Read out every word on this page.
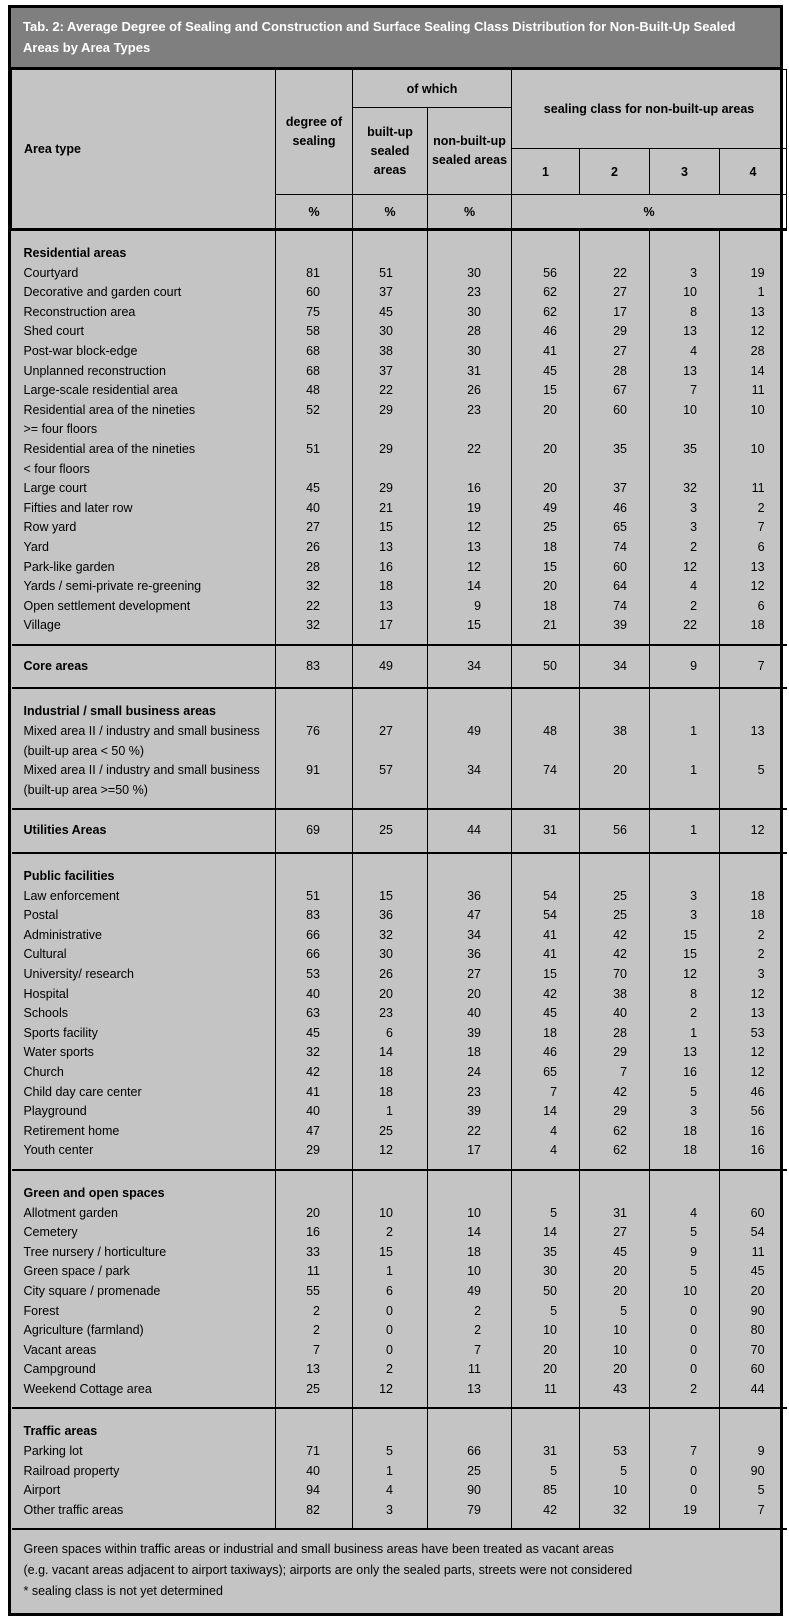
Tab. 2: Average Degree of Sealing and Construction and Surface Sealing Class Distribution for Non-Built-Up Sealed Areas by Area Types
Area type	degree of sealing	of which		sealing class for non-built-up areas			
		built-up sealed areas	non-built-up sealed areas				
				1	2	3	4
	%	%	%	%			
Residential areas							
Courtyard	81	51	30	56	22	3	19
Decorative and garden court	60	37	23	62	27	10	1
Reconstruction area	75	45	30	62	17	8	13
Shed court	58	30	28	46	29	13	12
Post-war block-edge	68	38	30	41	27	4	28
Unplanned reconstruction	68	37	31	45	28	13	14
Large-scale residential area	48	22	26	15	67	7	11
Residential area of the nineties	52	29	23	20	60	10	10
>= four floors							
Residential area of the nineties	51	29	22	20	35	35	10
< four floors							
Large court	45	29	16	20	37	32	11
Fifties and later row	40	21	19	49	46	3	2
Row yard	27	15	12	25	65	3	7
Yard	26	13	13	18	74	2	6
Park-like garden	28	16	12	15	60	12	13
Yards / semi-private re-greening	32	18	14	20	64	4	12
Open settlement development	22	13	9	18	74	2	6
Village	32	17	15	21	39	22	18
Core areas	83	49	34	50	34	9	7
Industrial / small business areas							
Mixed area II / industry and small business	76	27	49	48	38	1	13
(built-up area < 50 %)							
Mixed area II / industry and small business	91	57	34	74	20	1	5
(built-up area >=50 %)							
Utilities Areas	69	25	44	31	56	1	12
Public facilities							
Law enforcement	51	15	36	54	25	3	18
Postal	83	36	47	54	25	3	18
Administrative	66	32	34	41	42	15	2
Cultural	66	30	36	41	42	15	2
University/ research	53	26	27	15	70	12	3
Hospital	40	20	20	42	38	8	12
Schools	63	23	40	45	40	2	13
Sports facility	45	6	39	18	28	1	53
Water sports	32	14	18	46	29	13	12
Church	42	18	24	65	7	16	12
Child day care center	41	18	23	7	42	5	46
Playground	40	1	39	14	29	3	56
Retirement home	47	25	22	4	62	18	16
Youth center	29	12	17	4	62	18	16
Green and open spaces							
Allotment garden	20	10	10	5	31	4	60
Cemetery	16	2	14	14	27	5	54
Tree nursery / horticulture	33	15	18	35	45	9	11
Green space / park	11	1	10	30	20	5	45
City square / promenade	55	6	49	50	20	10	20
Forest	2	0	2	5	5	0	90
Agriculture (farmland)	2	0	2	10	10	0	80
Vacant areas	7	0	7	20	10	0	70
Campground	13	2	11	20	20	0	60
Weekend Cottage area	25	12	13	11	43	2	44
Traffic areas							
Parking lot	71	5	66	31	53	7	9
Railroad property	40	1	25	5	5	0	90
Airport	94	4	90	85	10	0	5
Other traffic areas	82	3	79	42	32	19	7

Green spaces within traffic areas or industrial and small business areas have been treated as vacant areas
(e.g. vacant areas adjacent to airport taxiways); airports are only the sealed parts, streets were not considered
* sealing class is not yet determined							
